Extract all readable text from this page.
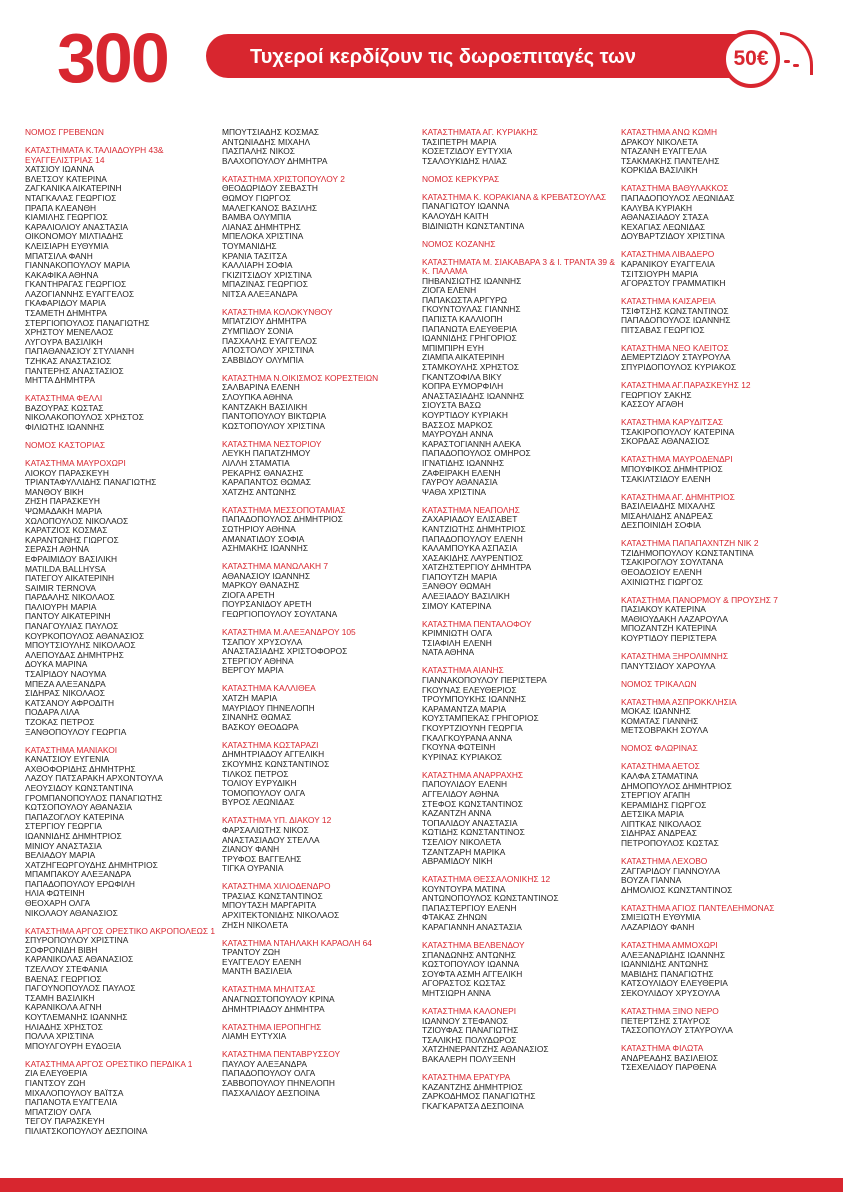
300	Τυχεροί κερδίζουν τις δωροεπιταγές των	50€
ΝΟΜΟΣ ΓΡΕΒΕΝΩΝ
ΚΑΤΑΣΤΗΜΑΤΑ Κ.ΤΑΛΙΑΔΟΥΡΗ 43& ΕΥΑΓΓΕΛΙΣΤΡΙΑΣ 14
ΧΑΤΣΙΟΥ ΙΩΑΝΝΑ
ΒΛΕΤΣΟΥ ΚΑΤΕΡΙΝΑ
ΖΑΓΚΑΝΙΚΑ ΑΙΚΑΤΕΡΙΝΗ
ΝΤΑΓΚΑΛΑΣ ΓΕΩΡΓΙΟΣ
ΠΡΑΠΑ ΚΛΕΑΝΘΗ
ΚΙΑΜΙΛΗΣ ΓΕΩΡΓΙΟΣ
ΚΑΡΑΛΙΟΛΙΟΥ ΑΝΑΣΤΑΣΙΑ
ΟΙΚΟΝΟΜΟΥ ΜΙΛΤΙΑΔΗΣ
ΚΛΕΙΣΙΑΡΗ ΕΥΘΥΜΙΑ
ΜΠΑΤΣΙΛΑ ΦΑΝΗ
ΓΙΑΝΝΑΚΟΠΟΥΛΟΥ ΜΑΡΙΑ
ΚΑΚΑΦΙΚΑ ΑΘΗΝΑ
ΓΚΑΝΤΗΡΑΓΑΣ ΓΕΩΡΓΙΟΣ
ΛΑΖΟΓΙΑΝΝΗΣ ΕΥΑΓΓΕΛΟΣ
ΓΚΑΦΑΡΙΔΟΥ ΜΑΡΙΑ
ΤΣΑΜΕΤΗ ΔΗΜΗΤΡΑ
ΣΤΕΡΓΙΟΠΟΥΛΟΣ ΠΑΝΑΓΙΩΤΗΣ
ΧΡΗΣΤΟΥ ΜΕΝΕΛΑΟΣ
ΛΥΓΟΥΡΑ ΒΑΣΙΛΙΚΗ
ΠΑΠΑΘΑΝΑΣΙΟΥ ΣΤΥΛΙΑΝΗ
ΤΖΗΚΑΣ ΑΝΑΣΤΑΣΙΟΣ
ΠΑΝΤΕΡΗΣ ΑΝΑΣΤΑΣΙΟΣ
ΜΗΤΤΑ ΔΗΜΗΤΡΑ
ΚΑΤΑΣΤΗΜΑ ΦΕΛΛΙ
ΒΑΖΟΥΡΑΣ ΚΩΣΤΑΣ
ΝΙΚΟΛΑΚΟΠΟΥΛΟΣ ΧΡΗΣΤΟΣ
ΦΙΛΙΩΤΗΣ ΙΩΑΝΝΗΣ
ΝΟΜΟΣ ΚΑΣΤΟΡΙΑΣ
ΚΑΤΑΣΤΗΜΑ ΜΑΥΡΟΧΩΡΙ
ΛΙΟΚΟΥ ΠΑΡΑΣΚΕΥΗ
ΤΡΙΑΝΤΑΦΥΛΛΙΔΗΣ ΠΑΝΑΓΙΩΤΗΣ
ΜΑΝΘΟΥ ΒΙΚΗ
ΖΗΣΗ ΠΑΡΑΣΚΕΥΗ
ΨΩΜΑΔΑΚΗ ΜΑΡΙΑ
ΧΩΛΟΠΟΥΛΟΣ ΝΙΚΟΛΑΟΣ
ΚΑΡΑΤΖΙΟΣ ΚΟΣΜΑΣ
ΚΑΡΑΝΤΩΝΗΣ ΓΙΩΡΓΟΣ
ΣΕΡΑΣΗ ΑΘΗΝΑ
ΕΦΡΑΙΜΙΔΟΥ ΒΑΣΙΛΙΚΗ
MATILDA BALLHYSA
ΠΑΤΕΓΟΥ ΑΙΚΑΤΕΡΙΝΗ
SAIMIR TERNOVA
ΠΑΡΔΑΛΗΣ ΝΙΚΟΛΑΟΣ
ΠΑΛΙΟΥΡΗ ΜΑΡΙΑ
ΠΑΝΤΟΥ ΑΙΚΑΤΕΡΙΝΗ
ΠΑΝΑΓΟΥΛΙΑΣ ΠΑΥΛΟΣ
ΚΟΥΡΚΟΠΟΥΛΟΣ ΑΘΑΝΑΣΙΟΣ
ΜΠΟΥΤΣΙΟΥΛΗΣ ΝΙΚΟΛΑΟΣ
ΑΛΕΠΟΥΔΑΣ ΔΗΜΗΤΡΗΣ
ΔΟΥΚΑ ΜΑΡΙΝΑ
ΤΣΑΪΡΙΔΟΥ ΝΑΟΥΜΑ
ΜΠΕΖΑ ΑΛΕΞΑΝΔΡΑ
ΣΙΔΗΡΑΣ ΝΙΚΟΛΑΟΣ
ΚΑΤΣΑΝΟΥ ΑΦΡΟΔΙΤΗ
ΠΟΔΑΡΑ ΛΙΛΑ
ΤΖΟΚΑΣ ΠΕΤΡΟΣ
ΞΑΝΘΟΠΟΥΛΟΥ ΓΕΩΡΓΙΑ
ΚΑΤΑΣΤΗΜΑ ΜΑΝΙΑΚΟΙ
ΚΑΝΑΤΣΙΟΥ ΕΥΓΕΝΙΑ
ΑΧΘΟΦΟΡΙΔΗΣ ΔΗΜΗΤΡΗΣ
ΛΑΖΟΥ ΠΑΤΣΑΡΑΚΗ ΑΡΧΟΝΤΟΥΛΑ
ΛΕΟΥΣΙΔΟΥ ΚΩΝΣΤΑΝΤΙΝΑ
ΓΡΟΜΠΑΝΟΠΟΥΛΟΣ ΠΑΝΑΓΙΩΤΗΣ
ΚΩΤΣΟΠΟΥΛΟΥ ΑΘΑΝΑΣΙΑ
ΠΑΠΑΖΟΓΛΟΥ ΚΑΤΕΡΙΝΑ
ΣΤΕΡΓΙΟΥ ΓΕΩΡΓΙΑ
ΙΩΑΝΝΙΔΗΣ ΔΗΜΗΤΡΙΟΣ
ΜΙΝΙΟΥ ΑΝΑΣΤΑΣΙΑ
ΒΕΛΙΑΔΟΥ ΜΑΡΙΑ
ΧΑΤΖΗΓΕΩΡΓΟΥΔΗΣ ΔΗΜΗΤΡΙΟΣ
ΜΠΑΜΠΑΚΟΥ ΑΛΕΞΑΝΔΡΑ
ΠΑΠΑΔΟΠΟΥΛΟΥ ΕΡΩΦΙΛΗ
ΗΛΙΑ ΦΩΤΕΙΝΗ
ΘΕΟΧΑΡΗ ΟΛΓΑ
ΝΙΚΟΛΑΟΥ ΑΘΑΝΑΣΙΟΣ
ΚΑΤΑΣΤΗΜΑ ΑΡΓΟΣ ΟΡΕΣΤΙΚΟ ΑΚΡΟΠΟΛΕΩΣ 1
ΣΠΥΡΟΠΟΥΛΟΥ ΧΡΙΣΤΙΝΑ
ΣΟΦΡΟΝΙΔΗ ΒΙΒΗ
ΚΑΡΑΝΙΚΟΛΑΣ ΑΘΑΝΑΣΙΟΣ
ΤΖΕΛΛΟΥ ΣΤΕΦΑΝΙΑ
ΒΑΕΝΑΣ ΓΕΩΡΓΙΟΣ
ΠΑΓΟΥΝΟΠΟΥΛΟΣ ΠΑΥΛΟΣ
ΤΣΑΜΗ ΒΑΣΙΛΙΚΗ
ΚΑΡΑΝΙΚΟΛΑ ΑΓΝΗ
ΚΟΥΤΛΕΜΑΝΗΣ ΙΩΑΝΝΗΣ
ΗΛΙΑΔΗΣ ΧΡΗΣΤΟΣ
ΠΟΛΛΑ ΧΡΙΣΤΙΝΑ
ΜΠΟΥΛΓΟΥΡΗ ΕΥΔΟΞΙΑ
ΚΑΤΑΣΤΗΜΑ ΑΡΓΟΣ ΟΡΕΣΤΙΚΟ ΠΕΡΔΙΚΑ 1
ΖΙΑ ΕΛΕΥΘΕΡΙΑ
ΓΙΑΝΤΣΟΥ ΖΩΗ
ΜΙΧΑΛΟΠΟΥΛΟΥ ΒΑΪΤΣΑ
ΠΑΠΑΝΟΤΑ ΕΥΑΓΓΕΛΙΑ
ΜΠΑΤΖΙΟΥ ΟΛΓΑ
ΤΕΓΟΥ ΠΑΡΑΣΚΕΥΗ
ΠΙΛΙΑΤΣΚΟΠΟΥΛΟΥ ΔΕΣΠΟΙΝΑ
ΜΠΟΥΤΣΙΑΔΗΣ ΚΟΣΜΑΣ
ΑΝΤΩΝΙΑΔΗΣ ΜΙΧΑΗΛ
ΠΑΣΠΑΛΗΣ ΝΙΚΟΣ
ΒΛΑΧΟΠΟΥΛΟΥ ΔΗΜΗΤΡΑ
ΚΑΤΑΣΤΗΜΑ ΧΡΙΣΤΟΠΟΥΛΟΥ 2
ΘΕΟΔΩΡΙΔΟΥ ΣΕΒΑΣΤΗ
ΘΩΜΟΥ ΓΙΩΡΓΟΣ
ΜΑΛΕΓΚΑΝΟΣ ΒΑΣΙΛΗΣ
ΒΑΜΒΑ ΟΛΥΜΠΙΑ
ΛΙΑΝΑΣ ΔΗΜΗΤΡΗΣ
ΜΠΕΛΟΚΑ ΧΡΙΣΤΙΝΑ
ΤΟΥΜΑΝΙΔΗΣ
ΚΡΑΝΙΑ ΤΑΣΙΤΣΑ
ΚΑΛΛΙΑΡΗ ΣΟΦΙΑ
ΓΚΙΖΙΤΣΙΔΟΥ ΧΡΙΣΤΙΝΑ
ΜΠΑΖΙΝΑΣ ΓΕΩΡΓΙΟΣ
ΝΙΤΣΑ ΑΛΕΞΑΝΔΡΑ
ΚΑΤΑΣΤΗΜΑ ΚΟΛΟΚΥΝΘΟΥ
ΜΠΑΤΖΙΟΥ ΔΗΜΗΤΡΑ
ΖΥΜΠΙΔΟΥ ΣΟΝΙΑ
ΠΑΣΧΑΛΗΣ ΕΥΑΓΓΕΛΟΣ
ΑΠΟΣΤΟΛΟΥ ΧΡΙΣΤΙΝΑ
ΣΑΒΒΙΔΟΥ ΟΛΥΜΠΙΑ
ΚΑΤΑΣΤΗΜΑ Ν.ΟΙΚΙΣΜΟΣ ΚΟΡΕΣΤΕΙΩΝ
ΣΑΛΒΑΡΙΝΑ ΕΛΕΝΗ
ΣΛΟΥΠΚΑ ΑΘΗΝΑ
ΚΑΝΤΖΑΚΗ ΒΑΣΙΛΙΚΗ
ΠΑΝΤΟΠΟΥΛΟΥ ΒΙΚΤΩΡΙΑ
ΚΩΣΤΟΠΟΥΛΟΥ ΧΡΙΣΤΙΝΑ
ΚΑΤΑΣΤΗΜΑ ΝΕΣΤΟΡΙΟΥ
ΛΕΥΚΗ ΠΑΠΑΤΖΗΜΟΥ
ΛΙΛΛΗ ΣΤΑΜΑΤΙΑ
ΡΕΚΑΡΗΣ ΘΑΝΑΣΗΣ
ΚΑΡΑΠΑΝΤΟΣ ΘΩΜΑΣ
ΧΑΤΖΗΣ ΑΝΤΩΝΗΣ
ΚΑΤΑΣΤΗΜΑ ΜΕΣΣΟΠΟΤΑΜΙΑΣ
ΠΑΠΑΔΟΠΟΥΛΟΣ ΔΗΜΗΤΡΙΟΣ
ΣΩΤΗΡΙΟΥ ΑΘΗΝΑ
ΑΜΑΝΑΤΙΔΟΥ ΣΟΦΙΑ
ΑΣΗΜΑΚΗΣ ΙΩΑΝΝΗΣ
ΚΑΤΑΣΤΗΜΑ ΜΑΝΩΛΑΚΗ 7
ΑΘΑΝΑΣΙΟΥ ΙΩΑΝΝΗΣ
ΜΑΡΚΟΥ ΘΑΝΑΣΗΣ
ΖΙΟΓΑ ΑΡΕΤΗ
ΠΟΥΡΣΑΝΙΔΟΥ ΑΡΕΤΗ
ΓΕΩΡΓΙΟΠΟΥΛΟΥ ΣΟΥΛΤΑΝΑ
ΚΑΤΑΣΤΗΜΑ Μ.ΑΛΕΞΑΝΔΡΟΥ 105
ΤΣΑΠΟΥ ΧΡΥΣΟΥΛΑ
ΑΝΑΣΤΑΣΙΑΔΗΣ ΧΡΙΣΤΟΦΟΡΟΣ
ΣΤΕΡΓΙΟΥ ΑΘΗΝΑ
ΒΕΡΓΟΥ ΜΑΡΙΑ
ΚΑΤΑΣΤΗΜΑ ΚΑΛΛΙΘΕΑ
ΧΑΤΖΗ ΜΑΡΙΑ
ΜΑΥΡΙΔΟΥ ΠΗΝΕΛΟΠΗ
ΣΙΝΑΝΗΣ ΘΩΜΑΣ
ΒΑΣΚΟΥ ΘΕΟΔΩΡΑ
ΚΑΤΑΣΤΗΜΑ ΚΩΣΤΑΡΑΖΙ
ΔΗΜΗΤΡΙΑΔΟΥ ΑΓΓΕΛΙΚΗ
ΣΚΟΥΜΗΣ ΚΩΝΣΤΑΝΤΙΝΟΣ
ΤΙΛΚΟΣ ΠΕΤΡΟΣ
ΤΟΛΙΟΥ ΕΥΡΥΔΙΚΗ
ΤΟΜΟΠΟΥΛΟΥ ΟΛΓΑ
ΒΥΡΟΣ ΛΕΩΝΙΔΑΣ
ΚΑΤΑΣΤΗΜΑ ΥΠ. ΔΙΑΚΟΥ 12
ΦΑΡΣΑΛΙΩΤΗΣ ΝΙΚΟΣ
ΑΝΑΣΤΑΣΙΑΔΟΥ ΣΤΕΛΛΑ
ΖΙΑΝΟΥ ΦΑΝΗ
ΤΡΥΦΟΣ ΒΑΓΓΕΛΗΣ
ΤΙΓΚΑ ΟΥΡΑΝΙΑ
ΚΑΤΑΣΤΗΜΑ ΧΙΛΙΟΔΕΝΔΡΟ
ΤΡΑΣΙΑΣ ΚΩΝΣΤΑΝΤΙΝΟΣ
ΜΠΟΥΤΑΣΗ ΜΑΡΓΑΡΙΤΑ
ΑΡΧΙΤΕΚΤΟΝΙΔΗΣ ΝΙΚΟΛΑΟΣ
ΖΗΣΗ ΝΙΚΟΛΕΤΑ
ΚΑΤΑΣΤΗΜΑ ΝΤΑΗΛΑΚΗ ΚΑΡΑΟΛΗ 64
ΤΡΑΝΤΟΥ ΖΩΗ
ΕΥΑΓΓΕΛΟΥ ΕΛΕΝΗ
ΜΑΝΤΗ ΒΑΣΙΛΕΙΑ
ΚΑΤΑΣΤΗΜΑ ΜΗΛΙΤΣΑΣ
ΑΝΑΓΝΩΣΤΟΠΟΥΛΟΥ ΚΡΙΝΑ
ΔΗΜΗΤΡΙΑΔΟΥ ΔΗΜΗΤΡΑ
ΚΑΤΑΣΤΗΜΑ ΙΕΡΟΠΗΓΗΣ
ΛΙΑΜΗ ΕΥΤΥΧΙΑ
ΚΑΤΑΣΤΗΜΑ ΠΕΝΤΑΒΡΥΣΣΟΥ
ΠΑΥΛΟΥ ΑΛΕΞΑΝΔΡΑ
ΠΑΠΑΔΟΠΟΥΛΟΥ ΟΛΓΑ
ΣΑΒΒΟΠΟΥΛΟΥ ΠΗΝΕΛΟΠΗ
ΠΑΣΧΑΛΙΔΟΥ ΔΕΣΠΟΙΝΑ
ΚΑΤΑΣΤΗΜΑΤΑ ΑΓ. ΚΥΡΙΑΚΗΣ
ΤΑΣΙΠΕΤΡΗ ΜΑΡΙΑ
ΚΟΣΕΤΖΙΔΟΥ ΕΥΤΥΧΙΑ
ΤΣΑΛΟΥΚΙΔΗΣ ΗΛΙΑΣ
ΝΟΜΟΣ ΚΕΡΚΥΡΑΣ
ΚΑΤΑΣΤΗΜΑ Κ. ΚΟΡΑΚΙΑΝΑ & ΚΡΕΒΑΤΣΟΥΛΑΣ
ΠΑΝΑΓΙΩΤΟΥ ΙΩΑΝΝΑ
ΚΑΛΟΥΔΗ ΚΑΙΤΗ
ΒΙΔΙΝΙΩΤΗ ΚΩΝΣΤΑΝΤΙΝΑ
ΝΟΜΟΣ ΚΟΖΑΝΗΣ
ΚΑΤΑΣΤΗΜΑΤΑ Μ. ΣΙΑΚΑΒΑΡΑ 3 & Ι. ΤΡΑΝΤΑ 39 & Κ. ΠΑΛΑΜΑ
ΠΗΒΑΝΣΙΩΤΗΣ ΙΩΑΝΝΗΣ
ΖΙΟΓΑ ΕΛΕΝΗ
ΠΑΠΑΚΩΣΤΑ ΑΡΓΥΡΩ
ΓΚΟΥΝΤΟΥΛΑΣ ΓΙΑΝΝΗΣ
ΠΑΠΙΣΤΑ ΚΑΛΛΙΟΠΗ
ΠΑΠΑΝΩΤΑ ΕΛΕΥΘΕΡΙΑ
ΙΩΑΝΝΙΔΗΣ ΓΡΗΓΟΡΙΟΣ
ΜΠΙΜΠΙΡΗ ΕΥΗ
ΖΙΑΜΠΑ ΑΙΚΑΤΕΡΙΝΗ
ΣΤΑΜΚΟΥΛΗΣ ΧΡΗΣΤΟΣ
ΓΚΑΝΤΖΟΦΙΛΑ ΒΙΚΥ
ΚΟΠΡΑ ΕΥΜΟΡΦΙΛΗ
ΑΝΑΣΤΑΣΙΑΔΗΣ ΙΩΑΝΝΗΣ
ΣΙΟΥΣΤΑ ΒΑΣΩ
ΚΟΥΡΤΙΔΟΥ ΚΥΡΙΑΚΗ
ΒΑΣΣΟΣ ΜΑΡΚΟΣ
ΜΑΥΡΟΥΔΗ ΑΝΝΑ
ΚΑΡΑΣΤΟΓΙΑΝΝΗ ΑΛΕΚΑ
ΠΑΠΑΔΟΠΟΥΛΟΣ ΟΜΗΡΟΣ
ΙΓΝΑΤΙΔΗΣ ΙΩΑΝΝΗΣ
ΖΑΦΕΙΡΑΚΗ ΕΛΕΝΗ
ΓΑΥΡΟΥ ΑΘΑΝΑΣΙΑ
ΨΑΘΑ ΧΡΙΣΤΙΝΑ
ΚΑΤΑΣΤΗΜΑ ΝΕΑΠΟΛΗΣ
ΖΑΧΑΡΙΑΔΟΥ ΕΛΙΣΑΒΕΤ
ΚΑΝΤΖΙΩΤΗΣ ΔΗΜΗΤΡΙΟΣ
ΠΑΠΑΔΟΠΟΥΛΟΥ ΕΛΕΝΗ
ΚΑΛΑΜΠΟΥΚΑ ΑΣΠΑΣΙΑ
ΧΑΣΑΚΙΔΗΣ ΛΑΥΡΕΝΤΙΟΣ
ΧΑΤΖΗΣΤΕΡΓΙΟΥ ΔΗΜΗΤΡΑ
ΓΙΑΠΟΥΤΖΗ ΜΑΡΙΑ
ΞΑΝΘΟΥ ΘΩΜΑΗ
ΑΛΕΞΙΑΔΟΥ ΒΑΣΙΛΙΚΗ
ΣΙΜΟΥ ΚΑΤΕΡΙΝΑ
ΚΑΤΑΣΤΗΜΑ ΠΕΝΤΑΛΟΦΟΥ
ΚΡΙΜΝΙΩΤΗ ΟΛΓΑ
ΤΣΙΑΦΙΛΗ ΕΛΕΝΗ
ΝΑΤΑ ΑΘΗΝΑ
ΚΑΤΑΣΤΗΜΑ ΑΙΑΝΗΣ
ΓΙΑΝΝΑΚΟΠΟΥΛΟΥ ΠΕΡΙΣΤΕΡΑ
ΓΚΟΥΝΑΣ ΕΛΕΥΘΕΡΙΟΣ
ΤΡΟΥΜΠΟΥΚΗΣ ΙΩΑΝΝΗΣ
ΚΑΡΑΜΑΝΤΖΑ ΜΑΡΙΑ
ΚΟΥΣΤΑΜΠΕΚΑΣ ΓΡΗΓΟΡΙΟΣ
ΓΚΟΥΡΤΖΙΟΥΝΗ ΓΕΩΡΓΙΑ
ΓΚΑΛΓΚΟΥΡΑΝΑ ΑΝΝΑ
ΓΚΟΥΝΑ ΦΩΤΕΙΝΗ
ΚΥΡΙΝΑΣ ΚΥΡΙΑΚΟΣ
ΚΑΤΑΣΤΗΜΑ ΑΝΑΡΡΑΧΗΣ
ΠΑΠΟΥΛΙΔΟΥ ΕΛΕΝΗ
ΑΓΓΕΛΙΔΟΥ ΑΘΗΝΑ
ΣΤΕΦΟΣ ΚΩΝΣΤΑΝΤΙΝΟΣ
ΚΑΖΑΝΤΖΗ ΑΝΝΑ
ΤΟΠΑΛΙΔΟΥ ΑΝΑΣΤΑΣΙΑ
ΚΩΤΙΔΗΣ ΚΩΝΣΤΑΝΤΙΝΟΣ
ΤΣΕΛΙΟΥ ΝΙΚΟΛΕΤΑ
ΤΖΑΝΤΖΑΡΗ ΜΑΡΙΚΑ
ΑΒΡΑΜΙΔΟΥ ΝΙΚΗ
ΚΑΤΑΣΤΗΜΑ ΘΕΣΣΑΛΟΝΙΚΗΣ 12
ΚΟΥΝΤΟΥΡΑ ΜΑΤΙΝΑ
ΑΝΤΩΝΟΠΟΥΛΟΣ ΚΩΝΣΤΑΝΤΙΝΟΣ
ΠΑΠΑΣΤΕΡΓΙΟΥ ΕΛΕΝΗ
ΦΤΑΚΑΣ ΖΗΝΩΝ
ΚΑΡΑΓΙΑΝΝΗ ΑΝΑΣΤΑΣΙΑ
ΚΑΤΑΣΤΗΜΑ ΒΕΛΒΕΝΔΟΥ
ΣΠΑΝΔΩΝΗΣ ΑΝΤΩΝΗΣ
ΚΩΣΤΟΠΟΥΛΟΥ ΙΩΑΝΝΑ
ΣΟΥΦΤΑ ΑΣΜΗ ΑΓΓΕΛΙΚΗ
ΑΓΟΡΑΣΤΟΣ ΚΩΣΤΑΣ
ΜΗΤΣΙΩΡΗ ΑΝΝΑ
ΚΑΤΑΣΤΗΜΑ ΚΑΛΟΝΕΡΙ
ΙΩΑΝΝΟΥ ΣΤΕΦΑΝΟΣ
ΤΖΙΟΥΦΑΣ ΠΑΝΑΓΙΩΤΗΣ
ΤΣΑΛΙΚΗΣ ΠΟΛΥΔΩΡΟΣ
ΧΑΤΖΗΝΕΡΑΝΤΖΗΣ ΑΘΑΝΑΣΙΟΣ
ΒΑΚΑΛΕΡΗ ΠΟΛΥΞΕΝΗ
ΚΑΤΑΣΤΗΜΑ ΕΡΑΤΥΡΑ
ΚΑΖΑΝΤΖΗΣ ΔΗΜΗΤΡΙΟΣ
ΖΑΡΚΟΔΗΜΟΣ ΠΑΝΑΓΙΩΤΗΣ
ΓΚΑΓΚΑΡΑΤΣΑ ΔΕΣΠΟΙΝΑ
ΚΑΤΑΣΤΗΜΑ ΑΝΩ ΚΩΜΗ
ΔΡΑΚΟΥ ΝΙΚΟΛΕΤΑ
ΝΤΑΖΑΝΗ ΕΥΑΓΓΕΛΙΑ
ΤΣΑΚΜΑΚΗΣ ΠΑΝΤΕΛΗΣ
ΚΟΡΚΙΔΑ ΒΑΣΙΛΙΚΗ
ΚΑΤΑΣΤΗΜΑ ΒΑΘΥΛΑΚΚΟΣ
ΠΑΠΑΔΟΠΟΥΛΟΣ ΛΕΩΝΙΔΑΣ
ΚΑΛΥΒΑ ΚΥΡΙΑΚΗ
ΑΘΑΝΑΣΙΑΔΟΥ ΣΤΑΣΑ
ΚΕΧΑΓΙΑΣ ΛΕΩΝΙΔΑΣ
ΔΟΥΒΑΡΤΖΙΔΟΥ ΧΡΙΣΤΙΝΑ
ΚΑΤΑΣΤΗΜΑ ΛΙΒΑΔΕΡΟ
ΚΑΡΑΝΙΚΟΥ ΕΥΑΓΓΕΛΙΑ
ΤΣΙΤΣΙΟΥΡΗ ΜΑΡΙΑ
ΑΓΟΡΑΣΤΟΥ ΓΡΑΜΜΑΤΙΚΗ
ΚΑΤΑΣΤΗΜΑ ΚΑΙΣΑΡΕΙΑ
ΤΣΙΦΤΣΗΣ ΚΩΝΣΤΑΝΤΙΝΟΣ
ΠΑΠΑΔΟΠΟΥΛΟΣ ΙΩΑΝΝΗΣ
ΠΙΤΣΑΒΑΣ ΓΕΩΡΓΙΟΣ
ΚΑΤΑΣΤΗΜΑ ΝΕΟ ΚΛΕΙΤΟΣ
ΔΕΜΕΡΤΖΙΔΟΥ ΣΤΑΥΡΟΥΛΑ
ΣΠΥΡΙΔΟΠΟΥΛΟΣ ΚΥΡΙΑΚΟΣ
ΚΑΤΑΣΤΗΜΑ ΑΓ.ΠΑΡΑΣΚΕΥΗΣ 12
ΓΕΩΡΓΙΟΥ ΣΑΚΗΣ
ΚΑΣΣΟΥ ΑΓΑΘΗ
ΚΑΤΑΣΤΗΜΑ ΚΑΡΥΔΙΤΣΑΣ
ΤΣΑΚΙΡΟΠΟΥΛΟΥ ΚΑΤΕΡΙΝΑ
ΣΚΟΡΔΑΣ ΑΘΑΝΑΣΙΟΣ
ΚΑΤΑΣΤΗΜΑ ΜΑΥΡΟΔΕΝΔΡΙ
ΜΠΟΥΦΙΚΟΣ ΔΗΜΗΤΡΙΟΣ
ΤΣΑΚΙΛΤΣΙΔΟΥ ΕΛΕΝΗ
ΚΑΤΑΣΤΗΜΑ ΑΓ. ΔΗΜΗΤΡΙΟΣ
ΒΑΣΙΛΕΙΑΔΗΣ ΜΙΧΑΛΗΣ
ΜΙΣΑΗΛΙΔΗΣ ΑΝΔΡΕΑΣ
ΔΕΣΠΟΙΝΙΔΗ ΣΟΦΙΑ
ΚΑΤΑΣΤΗΜΑ ΠΑΠΑΠΑΧΝΤΖΗ ΝΙΚ 2
ΤΖΙΔΗΜΟΠΟΥΛΟΥ ΚΩΝΣΤΑΝΤΙΝΑ
ΤΣΑΚΙΡΟΓΛΟΥ ΣΟΥΛΤΑΝΑ
ΘΕΟΔΟΣΙΟΥ ΕΛΕΝΗ
ΑΧΙΝΙΩΤΗΣ ΓΙΩΡΓΟΣ
ΚΑΤΑΣΤΗΜΑ ΠΑΝΟΡΜΟΥ & ΠΡΟΥΣΗΣ 7
ΠΑΣΙΑΚΟΥ ΚΑΤΕΡΙΝΑ
ΜΑΘΙΟΥΔΑΚΗ ΛΑΖΑΡΟΥΛΑ
ΜΠΟΖΑΝΤΖΗ ΚΑΤΕΡΙΝΑ
ΚΟΥΡΤΙΔΟΥ ΠΕΡΙΣΤΕΡΑ
ΚΑΤΑΣΤΗΜΑ ΞΗΡΟΛΙΜΝΗΣ
ΠΑΝΥΤΣΙΔΟΥ ΧΑΡΟΥΛΑ
ΝΟΜΟΣ ΤΡΙΚΑΛΩΝ
ΚΑΤΑΣΤΗΜΑ ΑΣΠΡΟΚΚΛΗΣΙΑ
ΜΟΚΑΣ ΙΩΑΝΝΗΣ
ΚΟΜΑΤΑΣ ΓΙΑΝΝΗΣ
ΜΕΤΣΟΒΡΑΚΗ ΣΟΥΛΑ
ΝΟΜΟΣ ΦΛΩΡΙΝΑΣ
ΚΑΤΑΣΤΗΜΑ ΑΕΤΟΣ
ΚΑΛΦΑ ΣΤΑΜΑΤΙΝΑ
ΔΗΜΟΠΟΥΛΟΣ ΔΗΜΗΤΡΙΟΣ
ΣΤΕΡΓΙΟΥ ΑΓΑΠΗ
ΚΕΡΑΜΙΔΗΣ ΓΙΩΡΓΟΣ
ΔΕΤΣΙΚΑ ΜΑΡΙΑ
ΛΙΠΤΚΑΣ ΝΙΚΟΛΑΟΣ
ΣΙΔΗΡΑΣ ΑΝΔΡΕΑΣ
ΠΕΤΡΟΠΟΥΛΟΣ ΚΩΣΤΑΣ
ΚΑΤΑΣΤΗΜΑ ΛΕΧΟΒΟ
ΖΑΓΓΑΡΙΔΟΥ ΓΙΑΝΝΟΥΛΑ
ΒΟΥΖΑ ΓΙΑΝΝΑ
ΔΗΜΟΛΙΟΣ ΚΩΝΣΤΑΝΤΙΝΟΣ
ΚΑΤΑΣΤΗΜΑ ΑΓΙΟΣ ΠΑΝΤΕΛΕΗΜΟΝΑΣ
ΣΜΙΞΙΩΤΗ ΕΥΘΥΜΙΑ
ΛΑΖΑΡΙΔΟΥ ΦΑΝΗ
ΚΑΤΑΣΤΗΜΑ ΑΜΜΟΧΩΡΙ
ΑΛΕΞΑΝΔΡΙΔΗΣ ΙΩΑΝΝΗΣ
ΙΩΑΝΝΙΔΗΣ ΑΝΤΩΝΗΣ
ΜΑΒΙΔΗΣ ΠΑΝΑΓΙΩΤΗΣ
ΚΑΤΣΟΥΛΙΔΟΥ ΕΛΕΥΘΕΡΙΑ
ΣΕΚΟΥΛΙΔΟΥ ΧΡΥΣΟΥΛΑ
ΚΑΤΑΣΤΗΜΑ ΞΙΝΟ ΝΕΡΟ
ΠΕΤΕΡΤΣΗΣ ΣΤΑΥΡΟΣ
ΤΑΣΣΟΠΟΥΛΟΥ ΣΤΑΥΡΟΥΛΑ
ΚΑΤΑΣΤΗΜΑ ΦΙΛΩΤΑ
ΑΝΔΡΕΑΔΗΣ ΒΑΣΙΛΕΙΟΣ
ΤΣΕΧΕΛΙΔΟΥ ΠΑΡΘΕΝΑ
